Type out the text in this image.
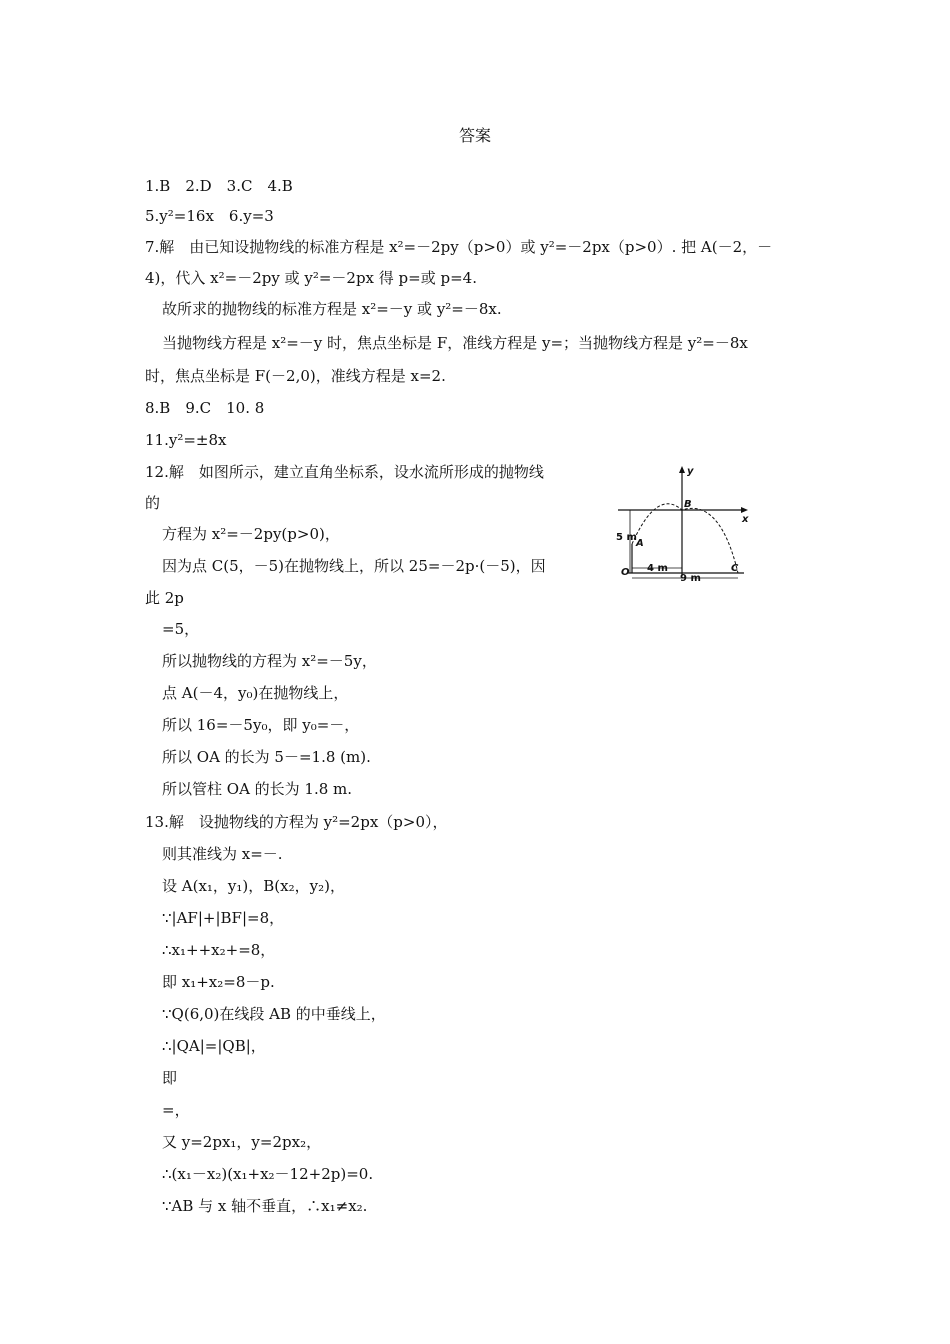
答案
1.B　2.D　3.C　4.B
5.y²=16x　6.y=3
7.解　由已知设抛物线的标准方程是 x²=－2py（p>0）或 y²=－2px（p>0）. 把 A(－2，－
4)，代入 x²=－2py 或 y²=－2px 得 p=或 p=4.
故所求的抛物线的标准方程是 x²=－y 或 y²=－8x.
当抛物线方程是 x²=－y 时，焦点坐标是 F，准线方程是 y=；当抛物线方程是 y²=－8x
时，焦点坐标是 F(－2,0)，准线方程是 x=2.
8.B　9.C　10. 8
11.y²=±8x
12.解　如图所示，建立直角坐标系，设水流所形成的抛物线
的
方程为 x²=－2py(p>0)，
因为点 C(5，－5)在抛物线上，所以 25=－2p·(－5)，因
此 2p
=5，
所以抛物线的方程为 x²=－5y，
点 A(－4，y₀)在抛物线上，
所以 16=－5y₀，即 y₀=－，
所以 OA 的长为 5－=1.8 (m).
所以管柱 OA 的长为 1.8 m.
13.解　设抛物线的方程为 y²=2px（p>0），
则其准线为 x=－.
设 A(x₁，y₁)，B(x₂，y₂)，
∵|AF|+|BF|=8，
∴x₁++x₂+=8，
即 x₁+x₂=8－p.
∵Q(6,0)在线段 AB 的中垂线上，
∴|QA|=|QB|，
即
=，
又 y=2px₁，y=2px₂，
∴(x₁－x₂)(x₁+x₂－12+2p)=0.
∵AB 与 x 轴不垂直，∴x₁≠x₂.
y
x
B
5 m
A
O	C
4 m
9 m
